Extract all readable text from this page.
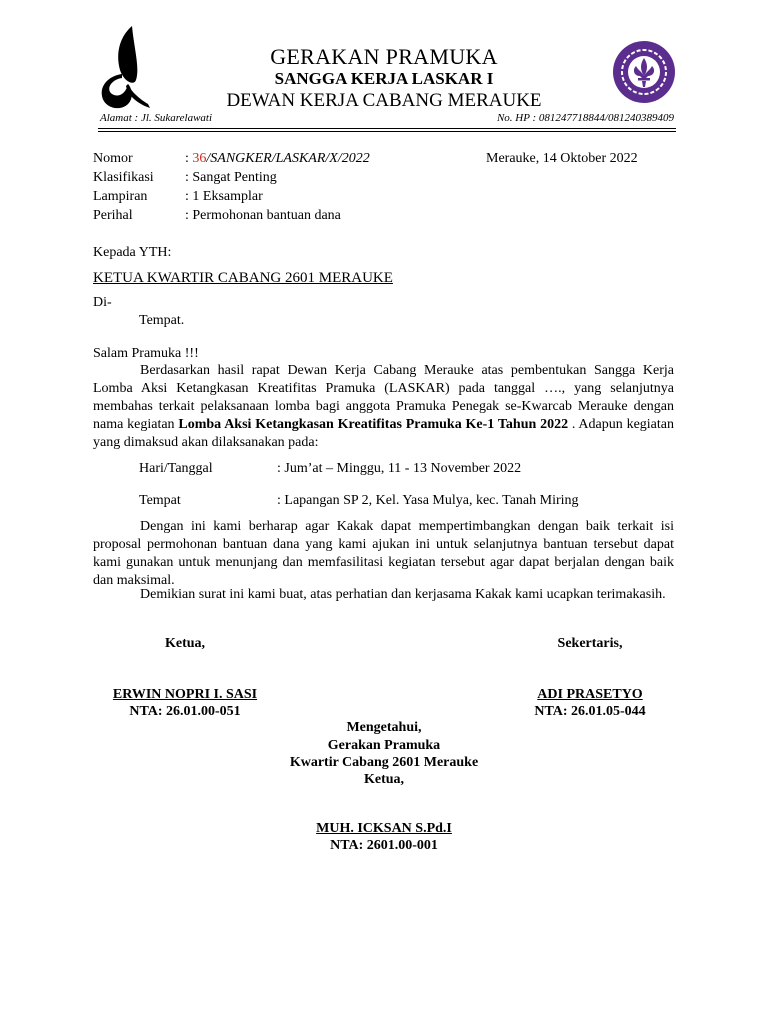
GERAKAN PRAMUKA
SANGGA KERJA LASKAR I
DEWAN KERJA CABANG MERAUKE
Alamat : Jl. Sukarelawati	No. HP : 081247718844/081240389409
Nomor	: 36/SANGKER/LASKAR/X/2022	Merauke, 14 Oktober 2022
Klasifikasi : Sangat Penting
Lampiran	: 1 Eksamplar
Perihal	: Permohonan bantuan dana
Kepada YTH:
KETUA KWARTIR CABANG 2601 MERAUKE
Di-
Tempat.
Salam Pramuka !!!

Berdasarkan hasil rapat Dewan Kerja Cabang Merauke atas pembentukan Sangga Kerja Lomba Aksi Ketangkasan Kreatifitas Pramuka (LASKAR) pada tanggal …., yang selanjutnya membahas terkait pelaksanaan lomba bagi anggota Pramuka Penegak se-Kwarcab Merauke dengan nama kegiatan Lomba Aksi Ketangkasan Kreatifitas Pramuka Ke-1 Tahun 2022 . Adapun kegiatan yang dimaksud akan dilaksanakan pada:

Hari/Tanggal	: Jum’at – Minggu, 11 - 13 November 2022
Tempat	: Lapangan SP 2, Kel. Yasa Mulya, kec. Tanah Miring

Dengan ini kami berharap agar Kakak dapat mempertimbangkan dengan baik terkait isi proposal permohonan bantuan dana yang kami ajukan ini untuk selanjutnya bantuan tersebut dapat kami gunakan untuk menunjang dan memfasilitasi kegiatan tersebut agar dapat berjalan dengan baik dan maksimal.

Demikian surat ini kami buat, atas perhatian dan kerjasama Kakak kami ucapkan terimakasih.

Ketua,	Sekertaris,
ERWIN NOPRI I. SASI
NTA: 26.01.00-051
ADI PRASETYO
NTA: 26.01.05-044
Mengetahui,
Gerakan Pramuka
Kwartir Cabang 2601 Merauke
Ketua,
MUH. ICKSAN S.Pd.I
NTA: 2601.00-001
